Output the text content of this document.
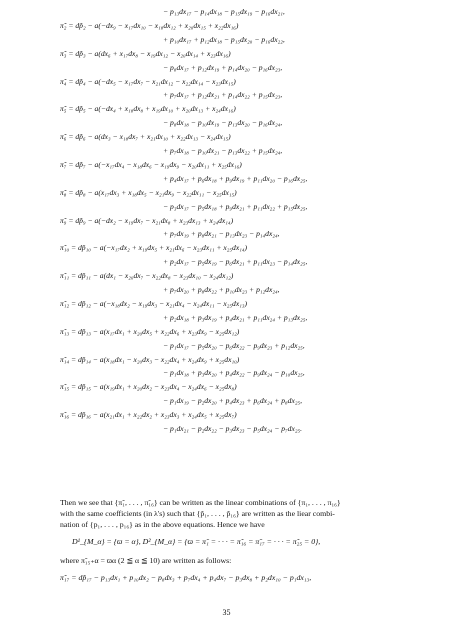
− p₁₃dx₁₇ − p₁₄dx₁₈ − p₁₅dx₁₉ − p₁₆dx₂₁,
π̃₂ = dp̃₂ − a(−dx₉ − x₁₇dx₁₀ − x₁₈dx₁₂ + x₂₀dx₁₅ + x₂₂dx₁₆)
+ p₁₀dx₁₇ + p₁₂dx₁₈ − p₁₅dx₂₀ − p₁₆dx₂₂,
π̃₃ = dp̃₃ − a(dx₆ + x₁₇dx₈ − x₁₉dx₁₂ − x₂₀dx₁₄ + x₂₃dx₁₆)
− p₈dx₁₇ + p₁₂dx₁₉ + p₁₄dx₂₀ − p₁₆dx₂₃,
π̃₄ = dp̃₄ − a(−dx₅ − x₁₇dx₇ − x₂₁dx₁₂ − x₂₂dx₁₄ − x₂₃dx₁₅)
+ p₇dx₁₇ + p₁₂dx₂₁ + p₁₄dx₂₂ + p₁₅dx₂₃,
π̃₅ = dp̃₅ − a(−dx₄ + x₁₈dx₈ + x₁₉dx₁₀ + x₂₀dx₁₃ + x₂₄dx₁₆)
− p₈dx₁₈ − p₁₀dx₁₉ − p₁₃dx₂₀ − p₁₆dx₂₄,
π̃₆ = dp̃₆ − a(dx₃ − x₁₈dx₇ + x₂₁dx₁₀ + x₂₂dx₁₃ − x₂₄dx₁₅)
+ p₇dx₁₈ − p₁₀dx₂₁ − p₁₃dx₂₂ + p₁₅dx₂₄,
π̃₇ = dp̃₇ − a(−x₁₇dx₄ − x₁₈dx₆ − x₁₉dx₉ − x₂₀dx₁₁ + x₂₅dx₁₆)
+ p₄dx₁₇ + p₆dx₁₈ + p₉dx₁₉ + p₁₁dx₂₀ − p₁₆dx₂₅,
π̃₈ = dp̃₈ − a(x₁₇dx₃ + x₁₈dx₅ − x₂₁dx₉ − x₂₂dx₁₁ − x₂₅dx₁₅)
− p₃dx₁₇ − p₅dx₁₈ + p₉dx₂₁ + p₁₁dx₂₂ + p₁₅dx₂₅,
π̃₉ = dp̃₉ − a(−dx₂ − x₁₉dx₇ − x₂₁dx₈ + x₂₃dx₁₃ + x₂₄dx₁₄)
+ p₇dx₁₉ + p₈dx₂₁ − p₁₃dx₂₃ − p₁₄dx₂₄,
π̃₁₀ = dp̃₁₀ − a(−x₁₇dx₂ + x₁₉dx₅ + x₂₁dx₆ − x₂₃dx₁₁ + x₂₅dx₁₄)
+ p₂dx₁₇ − p₅dx₁₉ − p₆dx₂₁ + p₁₁dx₂₃ − p₁₄dx₂₅,
π̃₁₁ = dp̃₁₁ − a(dx₁ − x₂₀dx₇ − x₂₂dx₈ − x₂₃dx₁₀ − x₂₄dx₁₂)
+ p₇dx₂₀ + p₈dx₂₂ + p₁₀dx₂₃ + p₁₂dx₂₄,
π̃₁₂ = dp̃₁₂ − a(−x₁₈dx₂ − x₁₉dx₃ − x₂₁dx₄ − x₂₄dx₁₁ − x₂₅dx₁₃)
+ p₂dx₁₈ + p₃dx₁₉ + p₄dx₂₁ + p₁₁dx₂₄ + p₁₃dx₂₅,
π̃₁₃ = dp̃₁₃ − a(x₁₇dx₁ + x₂₀dx₅ + x₂₂dx₆ + x₂₃dx₉ − x₂₅dx₁₂)
− p₁dx₁₇ − p₅dx₂₀ − p₆dx₂₂ − p₉dx₂₃ + p₁₂dx₂₅,
π̃₁₄ = dp̃₁₄ − a(x₁₈dx₁ − x₂₀dx₃ − x₂₂dx₄ + x₂₄dx₉ + x₂₅dx₁₀)
− p₁dx₁₈ + p₃dx₂₀ + p₄dx₂₂ − p₉dx₂₄ − p₁₀dx₂₅,
π̃₁₅ = dp̃₁₅ − a(x₁₉dx₁ + x₂₀dx₂ − x₂₃dx₄ − x₂₄dx₆ − x₂₅dx₈)
− p₁dx₁₉ − p₂dx₂₀ + p₄dx₂₃ + p₆dx₂₄ + p₈dx₂₅,
π̃₁₆ = dp̃₁₆ − a(x₂₁dx₁ + x₂₂dx₂ + x₂₃dx₃ + x₂₄dx₅ + x₂₅dx₇)
− p₁dx₂₁ − p₂dx₂₂ − p₃dx₂₃ − p₅dx₂₄ − p₇dx₂₅.
Then we see that {π̃₁, . . . , π̃₁₆} can be written as the linear combinations of {π₁, . . . , π₁₆}
with the same coefficients (in λ's) such that {p̃₁, . . . , p̃₁₆} are written as the liear combi-
nation of {p₁, . . . , p₁₆} as in the above equations. Hence we have
D¹_{M_α} = {ϖ = α}, D²_{M_α} = {ϖ = π̃₁ = · · · = π̃₁₆ = π̃₁₇ = · · · = π̃₂₅ = 0},
where π̃₁₅₊α = ϖα (2 ≦ α ≦ 10) are written as follows:
π̃₁₇ = dp̃₁₇ − p₁₃dx₁ + p₁₀dx₂ − p₈dx₃ + p₇dx₄ + p₄dx₇ − p₃dx₈ + p₂dx₁₀ − p₁dx₁₃,
35
